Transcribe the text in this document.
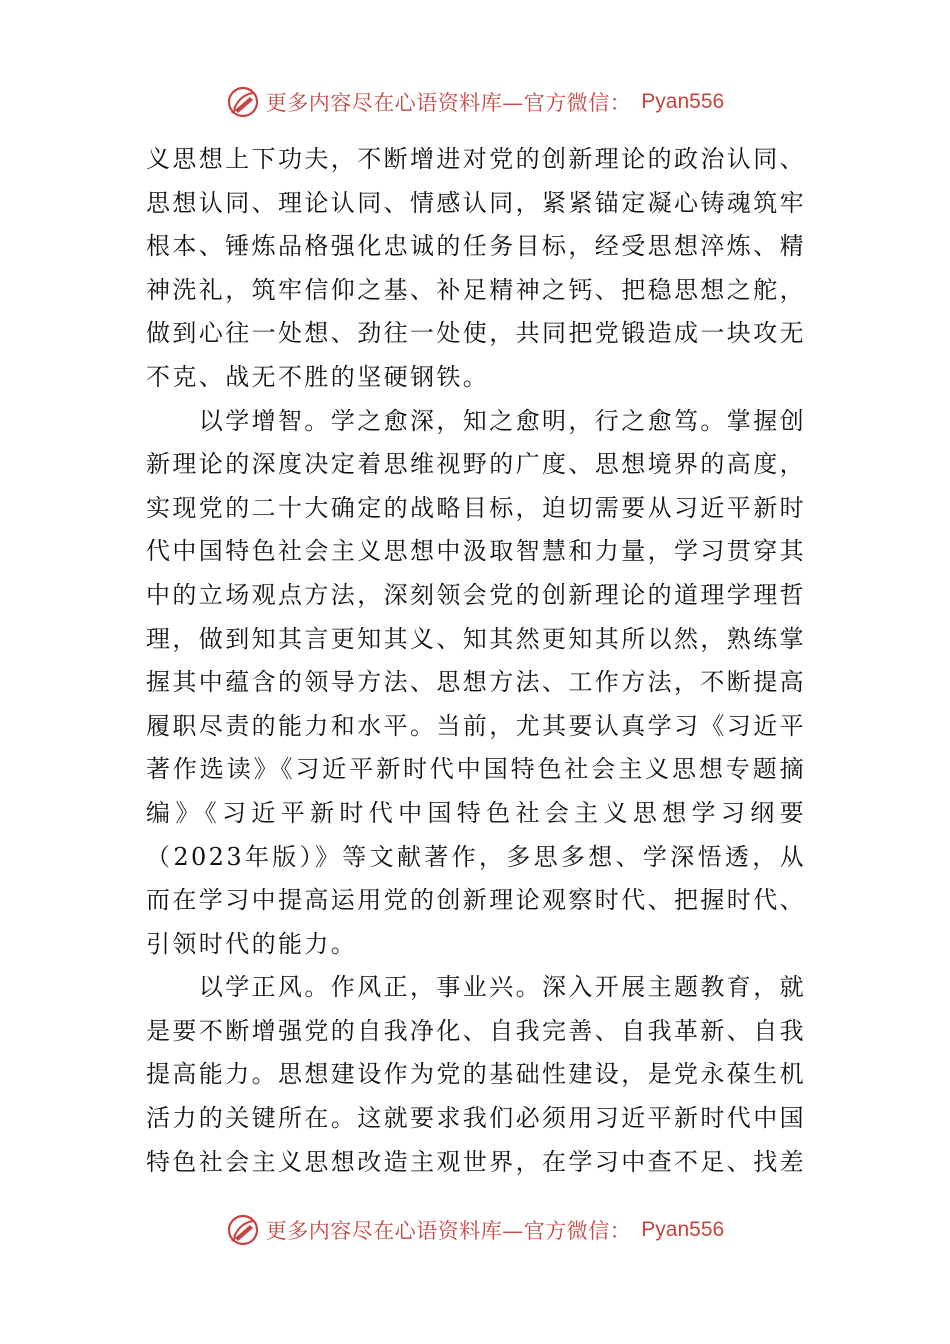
更多内容尽在心语资料库—官方微信： Pyan556

义思想上下功夫，不断增进对党的创新理论的政治认同、思想认同、理论认同、情感认同，紧紧锚定凝心铸魂筑牢根本、锤炼品格强化忠诚的任务目标，经受思想淬炼、精神洗礼，筑牢信仰之基、补足精神之钙、把稳思想之舵，做到心往一处想、劲往一处使，共同把党锻造成一块攻无不克、战无不胜的坚硬钢铁。

以学增智。学之愈深，知之愈明，行之愈笃。掌握创新理论的深度决定着思维视野的广度、思想境界的高度，实现党的二十大确定的战略目标，迫切需要从习近平新时代中国特色社会主义思想中汲取智慧和力量，学习贯穿其中的立场观点方法，深刻领会党的创新理论的道理学理哲理，做到知其言更知其义、知其然更知其所以然，熟练掌握其中蕴含的领导方法、思想方法、工作方法，不断提高履职尽责的能力和水平。当前，尤其要认真学习《习近平著作选读》《习近平新时代中国特色社会主义思想专题摘编》《习近平新时代中国特色社会主义思想学习纲要（2023年版）》等文献著作，多思多想、学深悟透，从而在学习中提高运用党的创新理论观察时代、把握时代、引领时代的能力。

以学正风。作风正，事业兴。深入开展主题教育，就是要不断增强党的自我净化、自我完善、自我革新、自我提高能力。思想建设作为党的基础性建设，是党永葆生机活力的关键所在。这就要求我们必须用习近平新时代中国特色社会主义思想改造主观世界，在学习中查不足、找差

更多内容尽在心语资料库—官方微信： Pyan556
